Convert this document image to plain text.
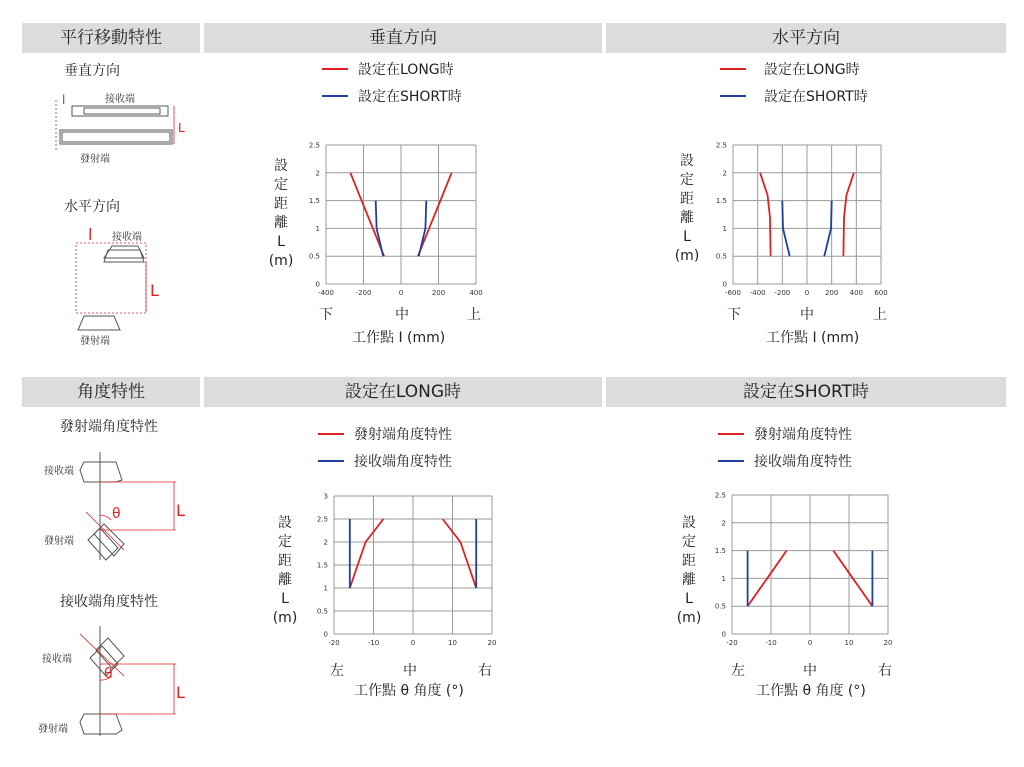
平行移動特性	垂直方向	水平方向
角度特性	設定在LONG時	設定在SHORT時
垂直方向
水平方向
發射端角度特性
接收端角度特性
l
L
接收端
發射端
l
L
接收端
發射端
θ	L
接收端
發射端
θ
L
接收端
發射端
設定在LONG時
設定在SHORT時
設定在LONG時
設定在SHORT時
發射端角度特性
接收端角度特性
發射端角度特性
接收端角度特性
設
定
距
離
L
(m)
設
定
距
離
L
(m)
設
定
距
離
L
(m)
設
定
距
離
L
(m)
下	中	上	下	中	上
左	中	右	左	中	右
工作點 I (mm)	工作點 I (mm)
工作點 θ 角度 (°)	工作點 θ 角度 (°)
-400	-200	0	200	400
0
0.5
1
1.5
2
2.5
-600 -400 -200 0 200 400 600
0
0.5
1
1.5
2
2.5
-20	-10	0	10	20
0
0.5
1
1.5
2
2.5
3
-20	-10	0	10	20
0
0.5
1
1.5
2
2.5
